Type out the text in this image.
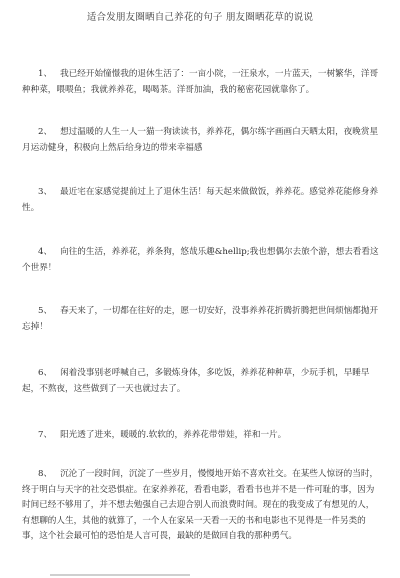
适合发朋友圈晒自己养花的句子 朋友圈晒花草的说说
1、 我已经开始憧憬我的退休生活了：一亩小院，一汪泉水，一片蓝天，一树繁华，洋哥种种菜，喂喂鱼；我就养养花，喝喝茶。洋哥加油，我的秘密花园就靠你了。
2、 想过温暖的人生一人一猫一狗读读书，养养花，偶尔练字画画白天晒太阳，夜晚赏星月运动健身，积极向上然后给身边的带来幸福感
3、 最近宅在家感觉提前过上了退休生活！每天起来做做饭，养养花。感觉养花能修身养性。
4、 向往的生活，养养花，养条狗，悠哉乐趣&hellip;我也想偶尔去旅个游，想去看看这个世界！
5、 春天来了，一切都在往好的走，愿一切安好，没事养养花折腾折腾把世间烦恼都抛开忘掉！
6、 闲着没事别老呼喊自己，多锻炼身体，多吃饭，养养花种种草，少玩手机，早睡早起，不熬夜，这些做到了一天也就过去了。
7、 阳光透了进来，暖暖的.软软的，养养花带带娃，祥和一片。
8、 沉沦了一段时间，沉淀了一些岁月，慢慢地开始不喜欢社交。在某些人惊讶的当时，终于明白与天字的社交恐惧症。在家养养花，看看电影，看看书也并不是一件可耻的事，因为时间已经不够用了，并不想去勉强自己去迎合别人而浪费时间。现在的我变成了有想见的人，有想聊的人生，其他的就算了，一个人在家呆一天看一天的书和电影也不见得是一件另类的事，这个社会最可怕的恐怕是人言可畏，最缺的是做回自我的那种勇气。
